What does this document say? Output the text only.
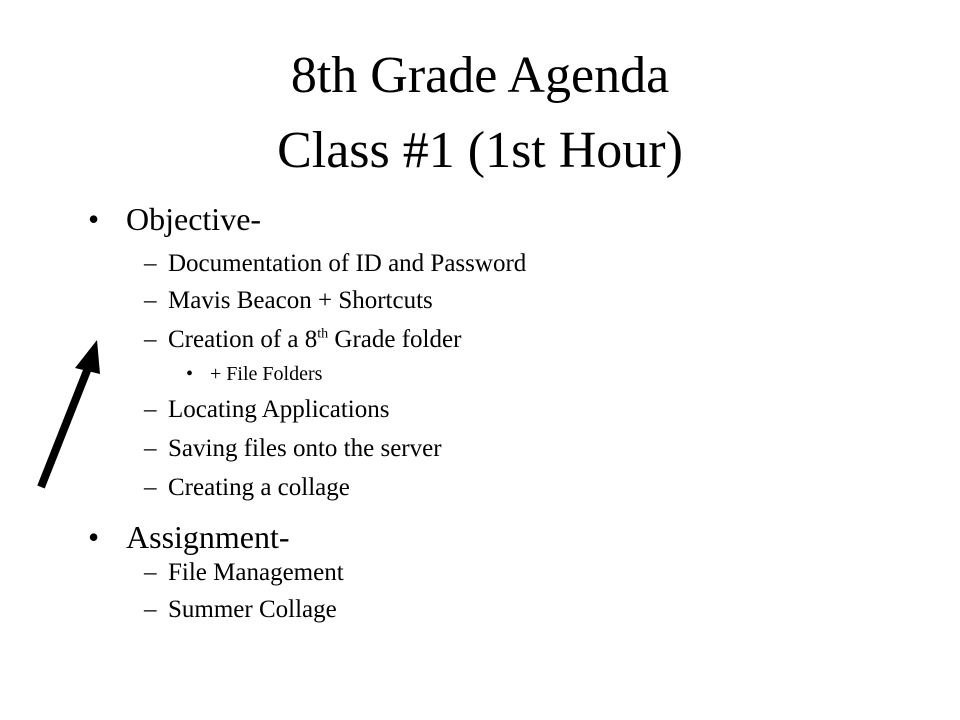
8th Grade Agenda
Class #1 (1st Hour)
• Objective-
– Documentation of ID and Password
– Mavis Beacon + Shortcuts
– Creation of a 8th Grade folder
• + File Folders
– Locating Applications
– Saving files onto the server
– Creating a collage
• Assignment-
– File Management
– Summer Collage
